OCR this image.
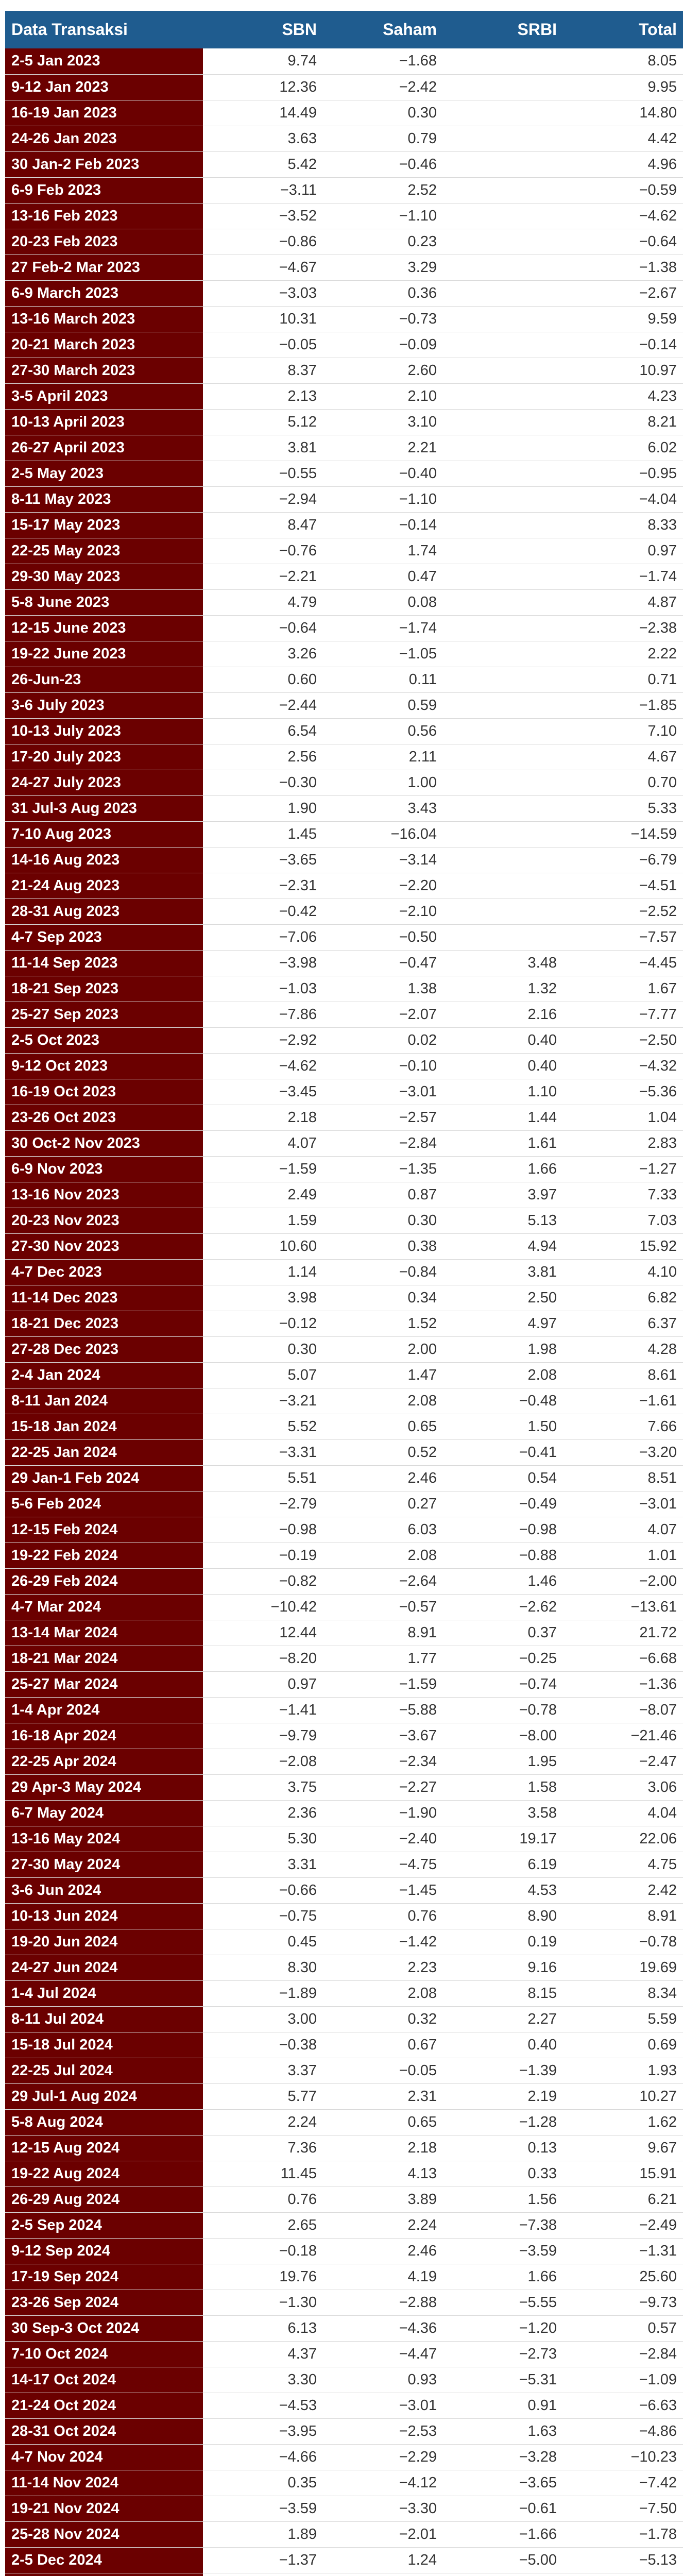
Data Transaksi	SBN	Saham	SRBI	Total
2-5 Jan 2023	9.74	−1.68		8.05
9-12 Jan 2023	12.36	−2.42		9.95
16-19 Jan 2023	14.49	0.30		14.80
24-26 Jan 2023	3.63	0.79		4.42
30 Jan-2 Feb 2023	5.42	−0.46		4.96
6-9 Feb 2023	−3.11	2.52		−0.59
13-16 Feb 2023	−3.52	−1.10		−4.62
20-23 Feb 2023	−0.86	0.23		−0.64
27 Feb-2 Mar 2023	−4.67	3.29		−1.38
6-9 March 2023	−3.03	0.36		−2.67
13-16 March 2023	10.31	−0.73		9.59
20-21 March 2023	−0.05	−0.09		−0.14
27-30 March 2023	8.37	2.60		10.97
3-5 April 2023	2.13	2.10		4.23
10-13 April 2023	5.12	3.10		8.21
26-27 April 2023	3.81	2.21		6.02
2-5 May 2023	−0.55	−0.40		−0.95
8-11 May 2023	−2.94	−1.10		−4.04
15-17 May 2023	8.47	−0.14		8.33
22-25 May 2023	−0.76	1.74		0.97
29-30 May 2023	−2.21	0.47		−1.74
5-8 June 2023	4.79	0.08		4.87
12-15 June 2023	−0.64	−1.74		−2.38
19-22 June 2023	3.26	−1.05		2.22
26-Jun-23	0.60	0.11		0.71
3-6 July 2023	−2.44	0.59		−1.85
10-13 July 2023	6.54	0.56		7.10
17-20 July 2023	2.56	2.11		4.67
24-27 July 2023	−0.30	1.00		0.70
31 Jul-3 Aug 2023	1.90	3.43		5.33
7-10 Aug 2023	1.45	−16.04		−14.59
14-16 Aug 2023	−3.65	−3.14		−6.79
21-24 Aug 2023	−2.31	−2.20		−4.51
28-31 Aug 2023	−0.42	−2.10		−2.52
4-7 Sep 2023	−7.06	−0.50		−7.57
11-14 Sep 2023	−3.98	−0.47	3.48	−4.45
18-21 Sep 2023	−1.03	1.38	1.32	1.67
25-27 Sep 2023	−7.86	−2.07	2.16	−7.77
2-5 Oct 2023	−2.92	0.02	0.40	−2.50
9-12 Oct 2023	−4.62	−0.10	0.40	−4.32
16-19 Oct 2023	−3.45	−3.01	1.10	−5.36
23-26 Oct 2023	2.18	−2.57	1.44	1.04
30 Oct-2 Nov 2023	4.07	−2.84	1.61	2.83
6-9 Nov 2023	−1.59	−1.35	1.66	−1.27
13-16 Nov 2023	2.49	0.87	3.97	7.33
20-23 Nov 2023	1.59	0.30	5.13	7.03
27-30 Nov 2023	10.60	0.38	4.94	15.92
4-7 Dec 2023	1.14	−0.84	3.81	4.10
11-14 Dec 2023	3.98	0.34	2.50	6.82
18-21 Dec 2023	−0.12	1.52	4.97	6.37
27-28 Dec 2023	0.30	2.00	1.98	4.28
2-4 Jan 2024	5.07	1.47	2.08	8.61
8-11 Jan 2024	−3.21	2.08	−0.48	−1.61
15-18 Jan 2024	5.52	0.65	1.50	7.66
22-25 Jan 2024	−3.31	0.52	−0.41	−3.20
29 Jan-1 Feb 2024	5.51	2.46	0.54	8.51
5-6 Feb 2024	−2.79	0.27	−0.49	−3.01
12-15 Feb 2024	−0.98	6.03	−0.98	4.07
19-22 Feb 2024	−0.19	2.08	−0.88	1.01
26-29 Feb 2024	−0.82	−2.64	1.46	−2.00
4-7 Mar 2024	−10.42	−0.57	−2.62	−13.61
13-14 Mar 2024	12.44	8.91	0.37	21.72
18-21 Mar 2024	−8.20	1.77	−0.25	−6.68
25-27 Mar 2024	0.97	−1.59	−0.74	−1.36
1-4 Apr 2024	−1.41	−5.88	−0.78	−8.07
16-18 Apr 2024	−9.79	−3.67	−8.00	−21.46
22-25 Apr 2024	−2.08	−2.34	1.95	−2.47
29 Apr-3 May 2024	3.75	−2.27	1.58	3.06
6-7 May 2024	2.36	−1.90	3.58	4.04
13-16 May 2024	5.30	−2.40	19.17	22.06
27-30 May 2024	3.31	−4.75	6.19	4.75
3-6 Jun 2024	−0.66	−1.45	4.53	2.42
10-13 Jun 2024	−0.75	0.76	8.90	8.91
19-20 Jun 2024	0.45	−1.42	0.19	−0.78
24-27 Jun 2024	8.30	2.23	9.16	19.69
1-4 Jul 2024	−1.89	2.08	8.15	8.34
8-11 Jul 2024	3.00	0.32	2.27	5.59
15-18 Jul 2024	−0.38	0.67	0.40	0.69
22-25 Jul 2024	3.37	−0.05	−1.39	1.93
29 Jul-1 Aug 2024	5.77	2.31	2.19	10.27
5-8 Aug 2024	2.24	0.65	−1.28	1.62
12-15 Aug 2024	7.36	2.18	0.13	9.67
19-22 Aug 2024	11.45	4.13	0.33	15.91
26-29 Aug 2024	0.76	3.89	1.56	6.21
2-5 Sep 2024	2.65	2.24	−7.38	−2.49
9-12 Sep 2024	−0.18	2.46	−3.59	−1.31
17-19 Sep 2024	19.76	4.19	1.66	25.60
23-26 Sep 2024	−1.30	−2.88	−5.55	−9.73
30 Sep-3 Oct 2024	6.13	−4.36	−1.20	0.57
7-10 Oct 2024	4.37	−4.47	−2.73	−2.84
14-17 Oct 2024	3.30	0.93	−5.31	−1.09
21-24 Oct 2024	−4.53	−3.01	0.91	−6.63
28-31 Oct 2024	−3.95	−2.53	1.63	−4.86
4-7 Nov 2024	−4.66	−2.29	−3.28	−10.23
11-14 Nov 2024	0.35	−4.12	−3.65	−7.42
19-21 Nov 2024	−3.59	−3.30	−0.61	−7.50
25-28 Nov 2024	1.89	−2.01	−1.66	−1.78
2-5 Dec 2024	−1.37	1.24	−5.00	−5.13
